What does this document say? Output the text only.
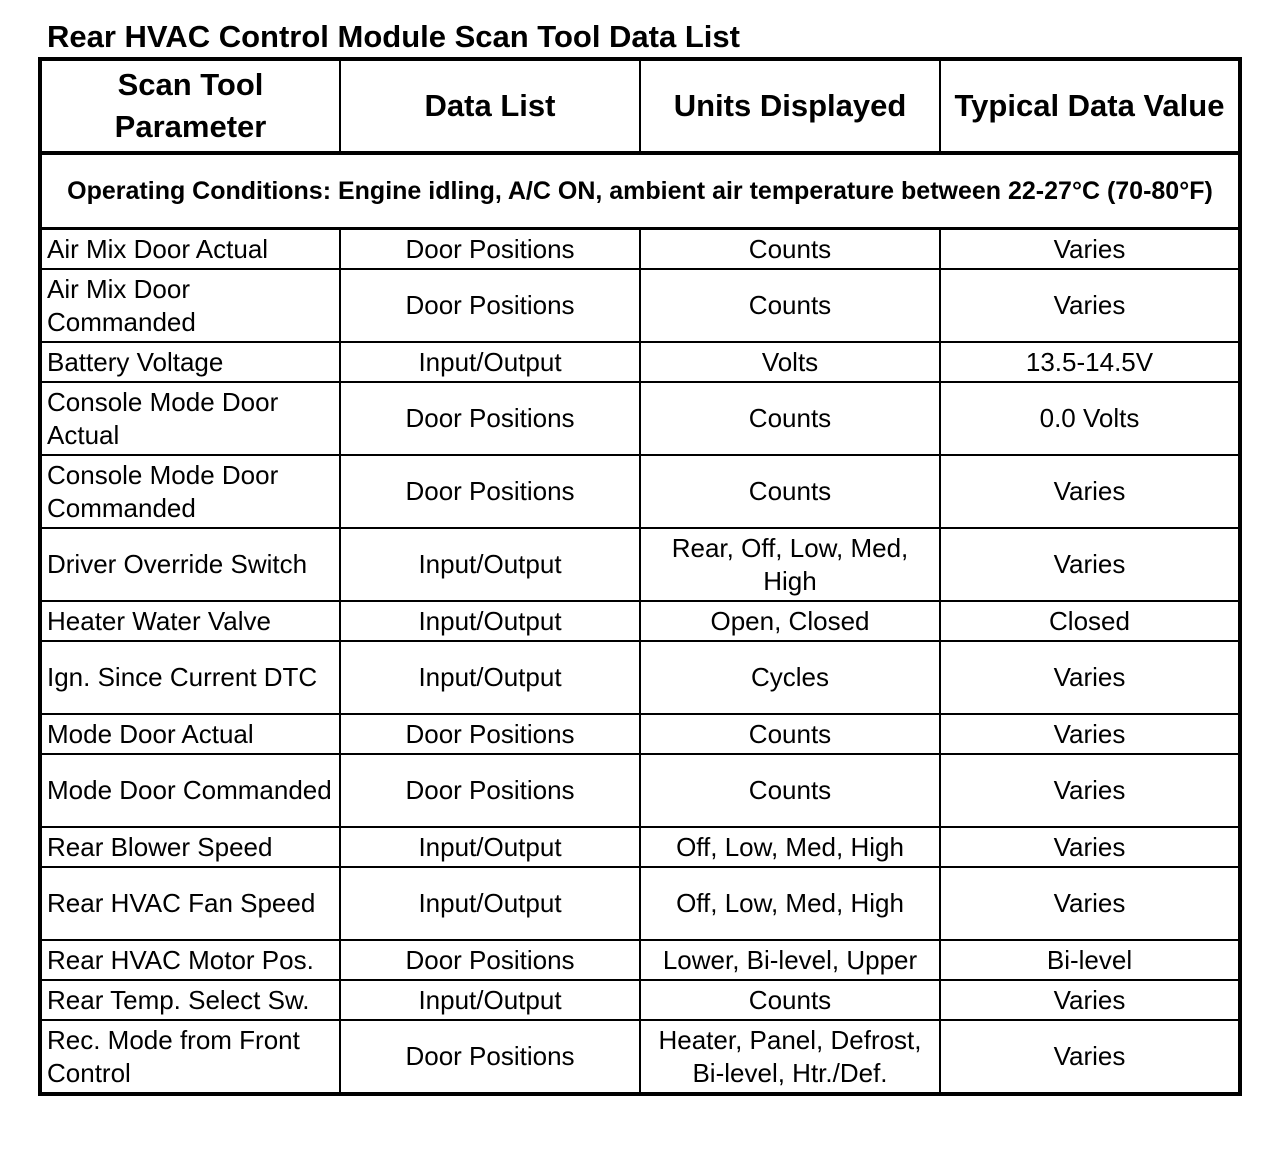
Rear HVAC Control Module Scan Tool Data List
Scan Tool Parameter	Data List	Units Displayed	Typical Data Value
Operating Conditions: Engine idling, A/C ON, ambient air temperature between 22-27°C (70-80°F)			
Air Mix Door Actual	Door Positions	Counts	Varies
Air Mix Door Commanded	Door Positions	Counts	Varies
Battery Voltage	Input/Output	Volts	13.5-14.5V
Console Mode Door Actual	Door Positions	Counts	0.0 Volts
Console Mode Door Commanded	Door Positions	Counts	Varies
Driver Override Switch	Input/Output	Rear, Off, Low, Med, High	Varies
Heater Water Valve	Input/Output	Open, Closed	Closed
Ign. Since Current DTC	Input/Output	Cycles	Varies
Mode Door Actual	Door Positions	Counts	Varies
Mode Door Commanded	Door Positions	Counts	Varies
Rear Blower Speed	Input/Output	Off, Low, Med, High	Varies
Rear HVAC Fan Speed	Input/Output	Off, Low, Med, High	Varies
Rear HVAC Motor Pos.	Door Positions	Lower, Bi-level, Upper	Bi-level
Rear Temp. Select Sw.	Input/Output	Counts	Varies
Rec. Mode from Front Control	Door Positions	Heater, Panel, Defrost, Bi-level, Htr./Def.	Varies
